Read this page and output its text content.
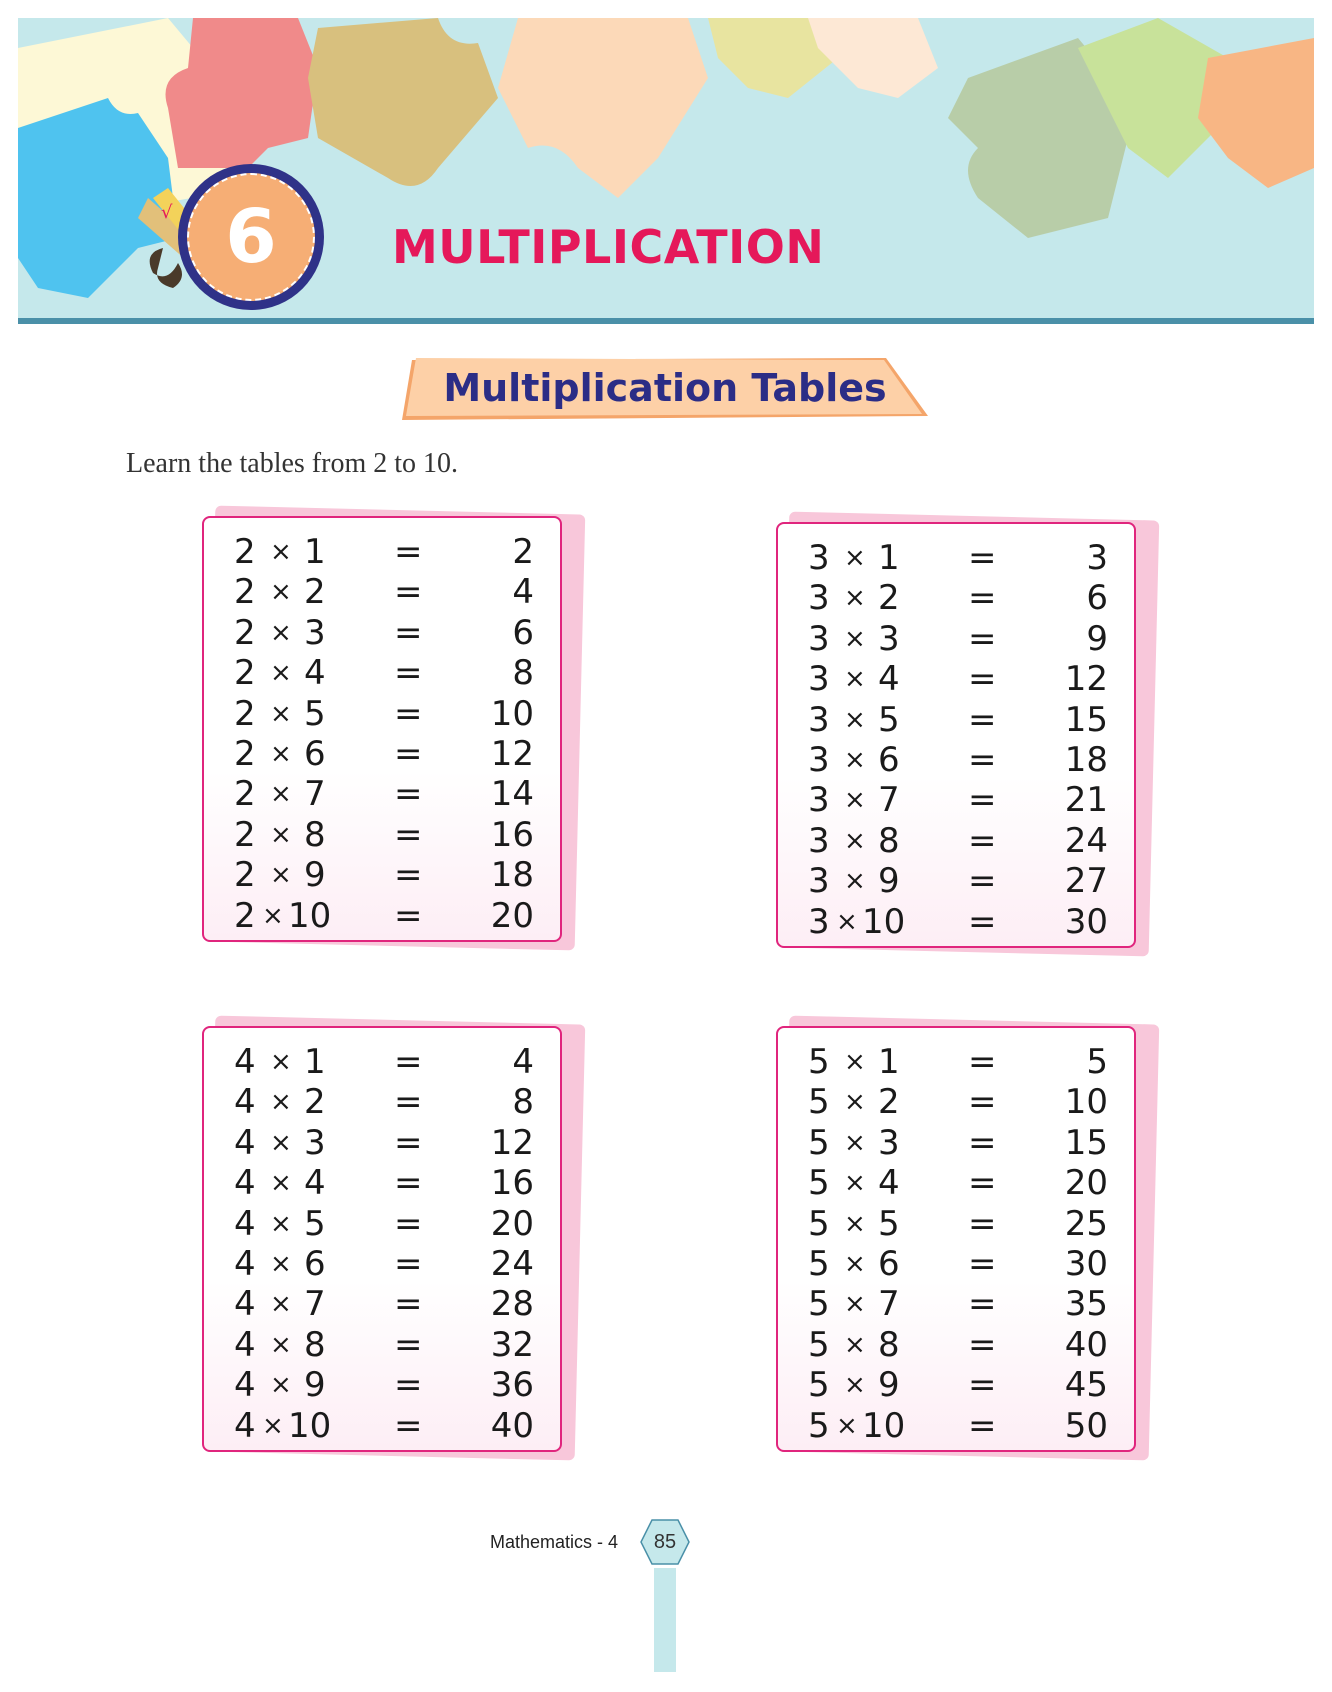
√ 6	MULTIPLICATION
Multiplication Tables
Learn the tables from 2 to 10.
2 × 1 =	2
2 × 2 =	4
2 × 3 =	6
2 × 4 =	8
2 × 5 = 10
2 × 6 = 12
2 × 7 = 14
2 × 8 = 16
2 × 9 = 18
2 × 10 = 20
3 × 1 =	3
3 × 2 =	6
3 × 3 =	9
3 × 4 = 12
3 × 5 = 15
3 × 6 = 18
3 × 7 = 21
3 × 8 = 24
3 × 9 = 27
3 × 10 = 30
4 × 1 =	4
4 × 2 =	8
4 × 3 = 12
4 × 4 = 16
4 × 5 = 20
4 × 6 = 24
4 × 7 = 28
4 × 8 = 32
4 × 9 = 36
4 × 10 = 40
5 × 1 =	5
5 × 2 = 10
5 × 3 = 15
5 × 4 = 20
5 × 5 = 25
5 × 6 = 30
5 × 7 = 35
5 × 8 = 40
5 × 9 = 45
5 × 10 = 50
Mathematics - 4	85
